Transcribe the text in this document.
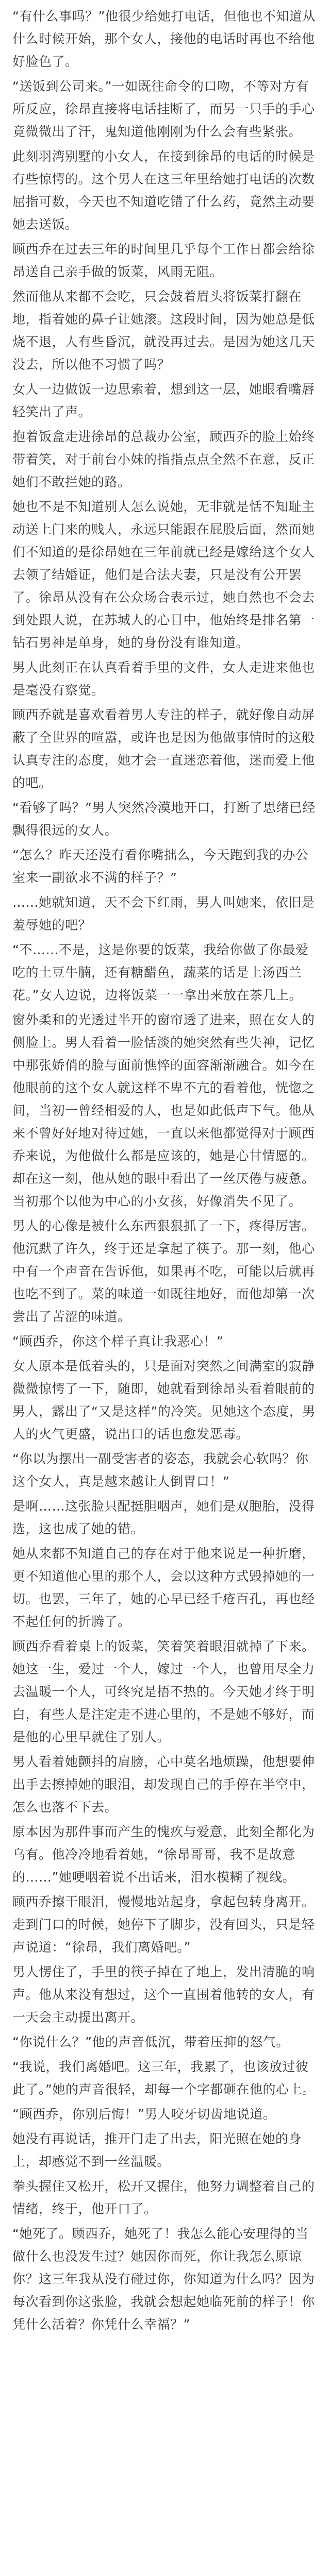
“有什么事吗？”他很少给她打电话，但他也不知道从什么时候开始，那个女人，接他的电话时再也不给他好脸色了。

“送饭到公司来。”一如既往命令的口吻，不等对方有所反应，徐昂直接将电话挂断了，而另一只手的手心竟微微出了汗，鬼知道他刚刚为什么会有些紧张。

此刻羽湾别墅的小女人，在接到徐昂的电话的时候是有些惊愕的。这个男人在这三年里给她打电话的次数屈指可数，今天也不知道吃错了什么药，竟然主动要她去送饭。

顾西乔在过去三年的时间里几乎每个工作日都会给徐昂送自己亲手做的饭菜，风雨无阻。

然而他从来都不会吃，只会鼓着眉头将饭菜打翻在地，指着她的鼻子让她滚。这段时间，因为她总是低烧不退，人有些昏沉，就没再过去。是因为她这几天没去，所以他不习惯了吗？

女人一边做饭一边思索着，想到这一层，她眼看嘴唇轻笑出了声。

抱着饭盒走进徐昂的总裁办公室，顾西乔的脸上始终带着笑，对于前台小妹的指指点点全然不在意，反正她们不敢拦她的路。

她也不是不知道别人怎么说她，无非就是恬不知耻主动送上门来的贱人，永远只能跟在屁股后面，然而她们不知道的是徐昂她在三年前就已经是嫁给这个女人去领了结婚证，他们是合法夫妻，只是没有公开罢了。徐昂从没有在公众场合表示过，她自然也不会去到处跟人说，在苏城人的心目中，他始终是排名第一钻石男神是单身，她的身份没有谁知道。

男人此刻正在认真看着手里的文件，女人走进来他也是毫没有察觉。

顾西乔就是喜欢看着男人专注的样子，就好像自动屏蔽了全世界的喧嚣，或许也是因为他做事情时的这般认真专注的态度，她才会一直迷恋着他，迷而爱上他的吧。

“看够了吗？”男人突然冷漠地开口，打断了思绪已经飘得很远的女人。

“怎么？昨天还没有看你嘴拙么，今天跑到我的办公室来一副欲求不满的样子？”

……她就知道，天不会下红雨，男人叫她来，依旧是羞辱她的吧？

“不……不是，这是你要的饭菜，我给你做了你最爱吃的土豆牛腩，还有糖醋鱼，蔬菜的话是上汤西兰花。”女人边说，边将饭菜一一拿出来放在茶几上。

窗外柔和的光透过半开的窗帘透了进来，照在女人的侧脸上。男人看着一脸恬淡的她突然有些失神，记忆中那张娇俏的脸与面前憔悴的面容渐渐融合。如今在他眼前的这个女人就这样不卑不亢的看着他，恍惚之间，当初一曾经相爱的人，也是如此低声下气。他从来不曾好好地对待过她，一直以来他都觉得对于顾西乔来说，为他做什么都是应该的，她是心甘情愿的。却在这一刻，他从她的眼中看出了一丝厌倦与疲惫。当初那个以他为中心的小女孩，好像消失不见了。

男人的心像是被什么东西狠狠抓了一下，疼得厉害。他沉默了许久，终于还是拿起了筷子。那一刻，他心中有一个声音在告诉他，如果再不吃，可能以后就再也吃不到了。菜的味道一如既往地好，而他却第一次尝出了苦涩的味道。

“顾西乔，你这个样子真让我恶心！”

女人原本是低着头的，只是面对突然之间满室的寂静微微惊愕了一下，随即，她就看到徐昂头看着眼前的男人，露出了“又是这样”的冷笑。见她这个态度，男人的火气更盛，说出口的话也愈发恶毒。

“你以为摆出一副受害者的姿态，我就会心软吗？你这个女人，真是越来越让人倒胃口！”

是啊……这张脸只配挺胆咽声，她们是双胞胎，没得选，这也成了她的错。

她从来都不知道自己的存在对于他来说是一种折磨，更不知道他心里的那个人，会以这种方式毁掉她的一切。也罢，三年了，她的心早已经千疮百孔，再也经不起任何的折腾了。

顾西乔看着桌上的饭菜，笑着笑着眼泪就掉了下来。她这一生，爱过一个人，嫁过一个人，也曾用尽全力去温暖一个人，可终究是捂不热的。今天她才终于明白，有些人是注定走不进心里的，不是她不够好，而是他的心里早就住了别人。

男人看着她颤抖的肩膀，心中莫名地烦躁，他想要伸出手去擦掉她的眼泪，却发现自己的手停在半空中，怎么也落不下去。

原本因为那件事而产生的愧疚与爱意，此刻全都化为乌有。他冷冷地看着她，“徐昂哥哥，我不是故意的……”她哽咽着说不出话来，泪水模糊了视线。

顾西乔擦干眼泪，慢慢地站起身，拿起包转身离开。走到门口的时候，她停下了脚步，没有回头，只是轻声说道：“徐昂，我们离婚吧。”

男人愣住了，手里的筷子掉在了地上，发出清脆的响声。他从来没有想过，这个一直围着他转的女人，有一天会主动提出离开。

“你说什么？”他的声音低沉，带着压抑的怒气。

“我说，我们离婚吧。这三年，我累了，也该放过彼此了。”她的声音很轻，却每一个字都砸在他的心上。

“顾西乔，你别后悔！”男人咬牙切齿地说道。

她没有再说话，推开门走了出去，阳光照在她的身上，却感觉不到一丝温暖。

拳头握住又松开，松开又握住，他努力调整着自己的情绪，终于，他开口了。

“她死了。顾西乔，她死了！我怎么能心安理得的当做什么也没发生过？她因你而死，你让我怎么原谅你？这三年我从没有碰过你，你知道为什么吗？因为每次看到你这张脸，我就会想起她临死前的样子！你凭什么活着？你凭什么幸福？”
